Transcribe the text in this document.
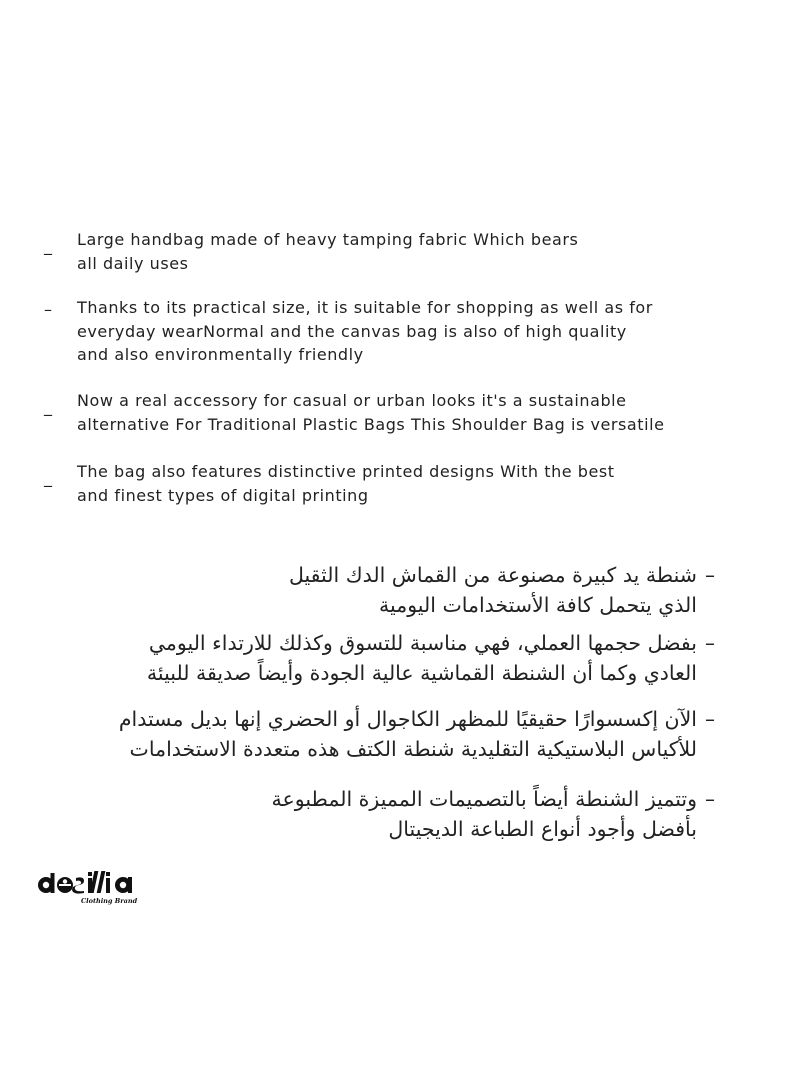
_ Large handbag made of heavy tamping fabric Which bears
all daily uses
– Thanks to its practical size, it is suitable for shopping as well as for
everyday wearNormal and the canvas bag is also of high quality
and also environmentally friendly
_ Now a real accessory for casual or urban looks it's a sustainable
alternative For Traditional Plastic Bags This Shoulder Bag is versatile
_ The bag also features distinctive printed designs With the best
and finest types of digital printing
–
شنطة يد كبيرة مصنوعة من القماش الدك الثقيل
الذي يتحمل كافة الأستخدامات اليومية
–
بفضل حجمها العملي، فهي مناسبة للتسوق وكذلك للارتداء اليومي
العادي وكما أن الشنطة القماشية عالية الجودة وأيضاً صديقة للبيئة
–
الآن إكسسوارًا حقيقيًا للمظهر الكاجوال أو الحضري إنها بديل مستدام
للأكياس البلاستيكية التقليدية شنطة الكتف هذه متعددة الاستخدامات
–
وتتميز الشنطة أيضاً بالتصميمات المميزة المطبوعة
بأفضل وأجود أنواع الطباعة الديجيتال
Clothing Brand
